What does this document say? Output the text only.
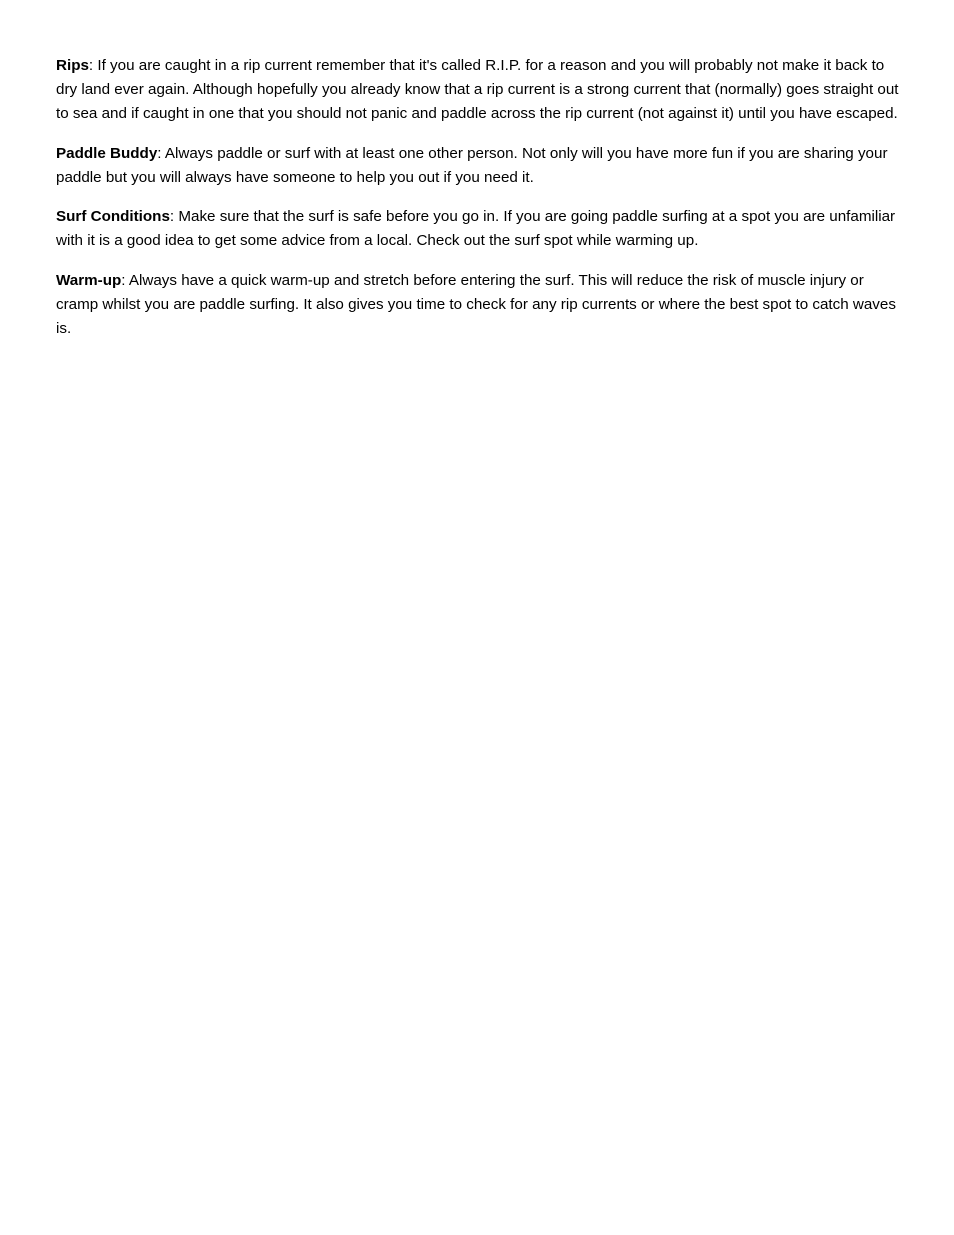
Rips: If you are caught in a rip current remember that it's called R.I.P. for a reason and you will probably not make it back to dry land ever again. Although hopefully you already know that a rip current is a strong current that (normally) goes straight out to sea and if caught in one that you should not panic and paddle across the rip current (not against it) until you have escaped.

Paddle Buddy: Always paddle or surf with at least one other person. Not only will you have more fun if you are sharing your paddle but you will always have someone to help you out if you need it.

Surf Conditions: Make sure that the surf is safe before you go in. If you are going paddle surfing at a spot you are unfamiliar with it is a good idea to get some advice from a local. Check out the surf spot while warming up.

Warm-up: Always have a quick warm-up and stretch before entering the surf. This will reduce the risk of muscle injury or cramp whilst you are paddle surfing. It also gives you time to check for any rip currents or where the best spot to catch waves is.
